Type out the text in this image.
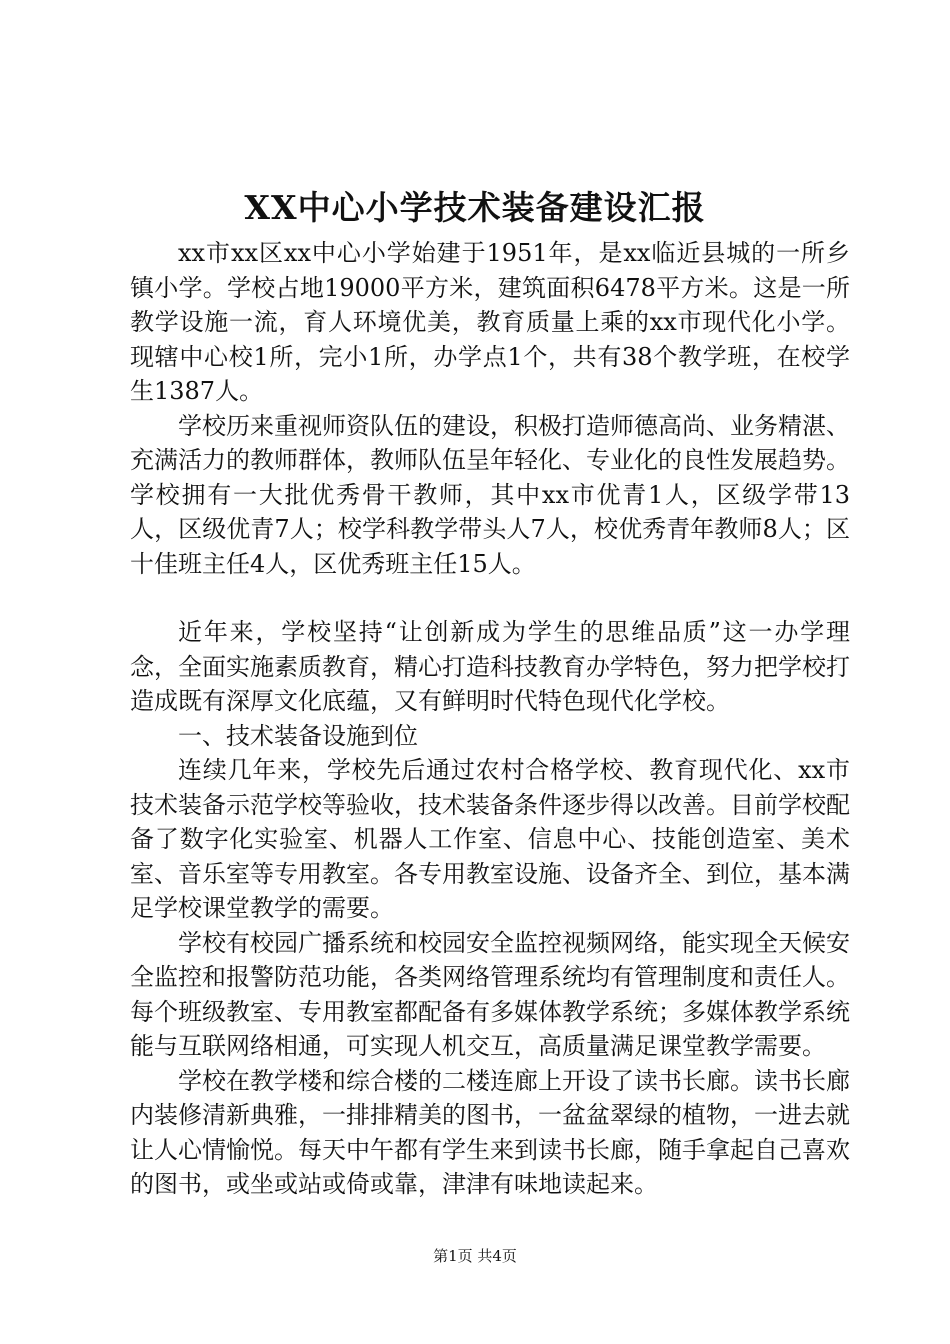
XX中心小学技术装备建设汇报

xx市xx区xx中心小学始建于1951年，是xx临近县城的一所乡镇小学。学校占地19000平方米，建筑面积6478平方米。这是一所教学设施一流，育人环境优美，教育质量上乘的xx市现代化小学。现辖中心校1所，完小1所，办学点1个，共有38个教学班，在校学生1387人。

学校历来重视师资队伍的建设，积极打造师德高尚、业务精湛、充满活力的教师群体，教师队伍呈年轻化、专业化的良性发展趋势。学校拥有一大批优秀骨干教师，其中xx市优青1人，区级学带13人，区级优青7人；校学科教学带头人7人，校优秀青年教师8人；区十佳班主任4人，区优秀班主任15人。

近年来，学校坚持“让创新成为学生的思维品质”这一办学理念，全面实施素质教育，精心打造科技教育办学特色，努力把学校打造成既有深厚文化底蕴，又有鲜明时代特色现代化学校。

一、技术装备设施到位

连续几年来，学校先后通过农村合格学校、教育现代化、xx市技术装备示范学校等验收，技术装备条件逐步得以改善。目前学校配备了数字化实验室、机器人工作室、信息中心、技能创造室、美术室、音乐室等专用教室。各专用教室设施、设备齐全、到位，基本满足学校课堂教学的需要。

学校有校园广播系统和校园安全监控视频网络，能实现全天候安全监控和报警防范功能，各类网络管理系统均有管理制度和责任人。每个班级教室、专用教室都配备有多媒体教学系统；多媒体教学系统能与互联网络相通，可实现人机交互，高质量满足课堂教学需要。

学校在教学楼和综合楼的二楼连廊上开设了读书长廊。读书长廊内装修清新典雅，一排排精美的图书，一盆盆翠绿的植物，一进去就让人心情愉悦。每天中午都有学生来到读书长廊，随手拿起自己喜欢的图书，或坐或站或倚或靠，津津有味地读起来。

第1页 共4页
